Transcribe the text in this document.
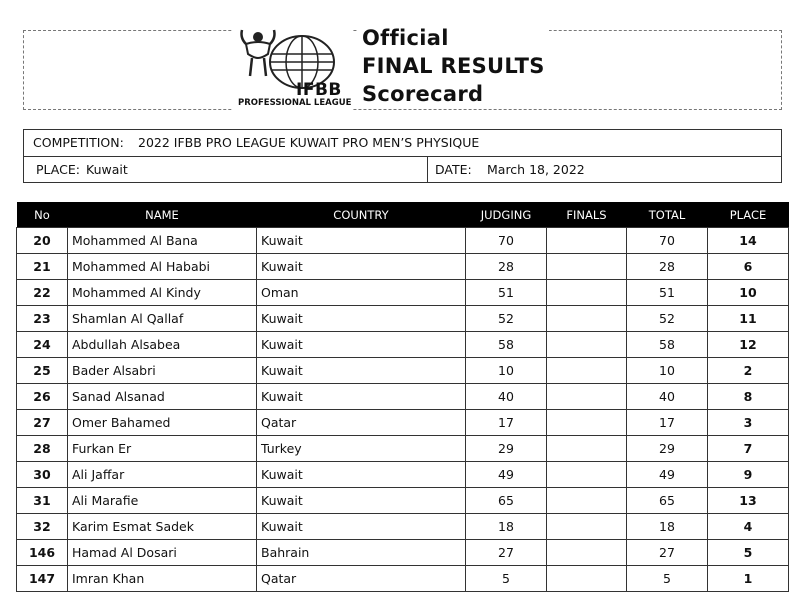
IFBB
PROFESSIONAL LEAGUE
Official
FINAL RESULTS
Scorecard
COMPETITION: 2022 IFBB PRO LEAGUE KUWAIT PRO MEN’S PHYSIQUE
PLACE: Kuwait	DATE: March 18, 2022
No	NAME	COUNTRY	JUDGING	FINALS	TOTAL	PLACE
20	Mohammed Al Bana	Kuwait	70		70	14
21	Mohammed Al Hababi	Kuwait	28		28	6
22	Mohammed Al Kindy	Oman	51		51	10
23	Shamlan Al Qallaf	Kuwait	52		52	11
24	Abdullah Alsabea	Kuwait	58		58	12
25	Bader Alsabri	Kuwait	10		10	2
26	Sanad Alsanad	Kuwait	40		40	8
27	Omer Bahamed	Qatar	17		17	3
28	Furkan Er	Turkey	29		29	7
30	Ali Jaffar	Kuwait	49		49	9
31	Ali Marafie	Kuwait	65		65	13
32	Karim Esmat Sadek	Kuwait	18		18	4
146	Hamad Al Dosari	Bahrain	27		27	5
147	Imran Khan	Qatar	5		5	1
